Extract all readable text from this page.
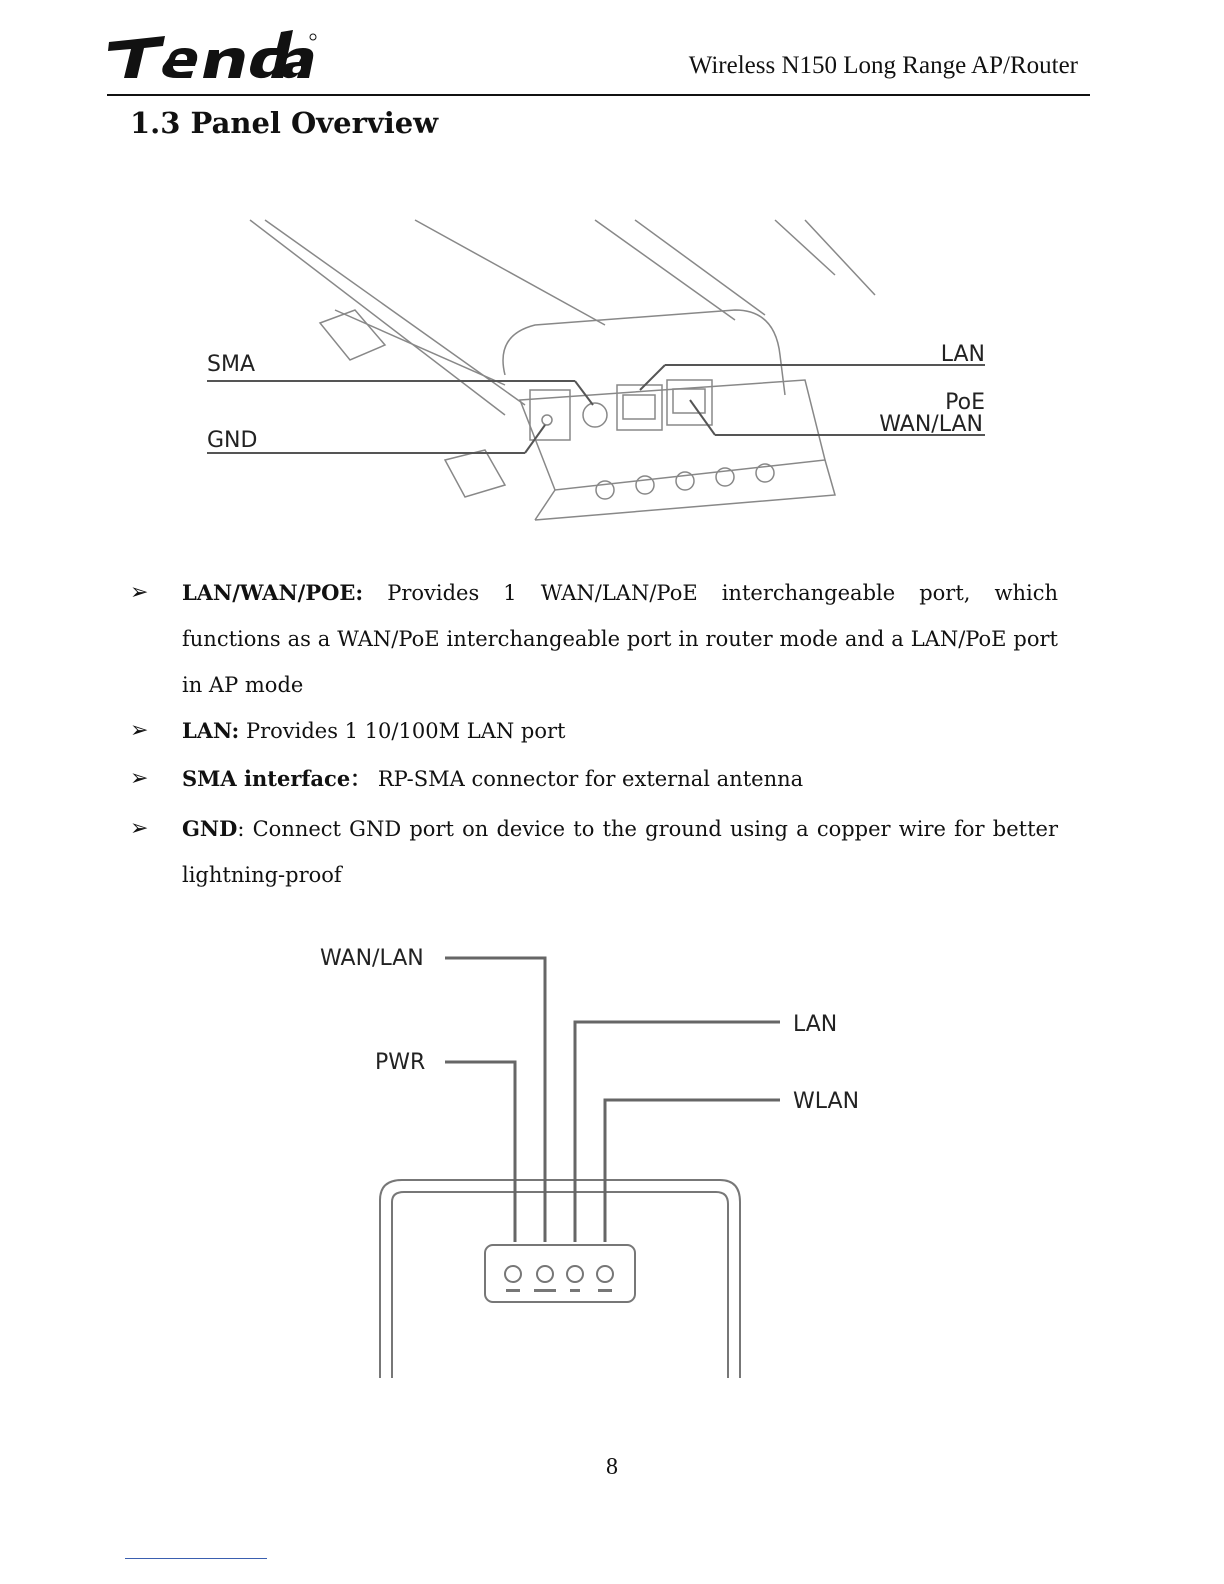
Wireless N150 Long Range AP/Router
1.3 Panel Overview
SMA
GND
LAN
PoE
WAN/LAN
➢ LAN/WAN/POE: Provides 1 WAN/LAN/PoE interchangeable port, which functions as a WAN/PoE interchangeable port in router mode and a LAN/PoE port in AP mode
➢ LAN: Provides 1 10/100M LAN port
➢ SMA interface： RP-SMA connector for external antenna
➢ GND: Connect GND port on device to the ground using a copper wire for better lightning-proof
WAN/LAN
PWR
LAN
WLAN
8
